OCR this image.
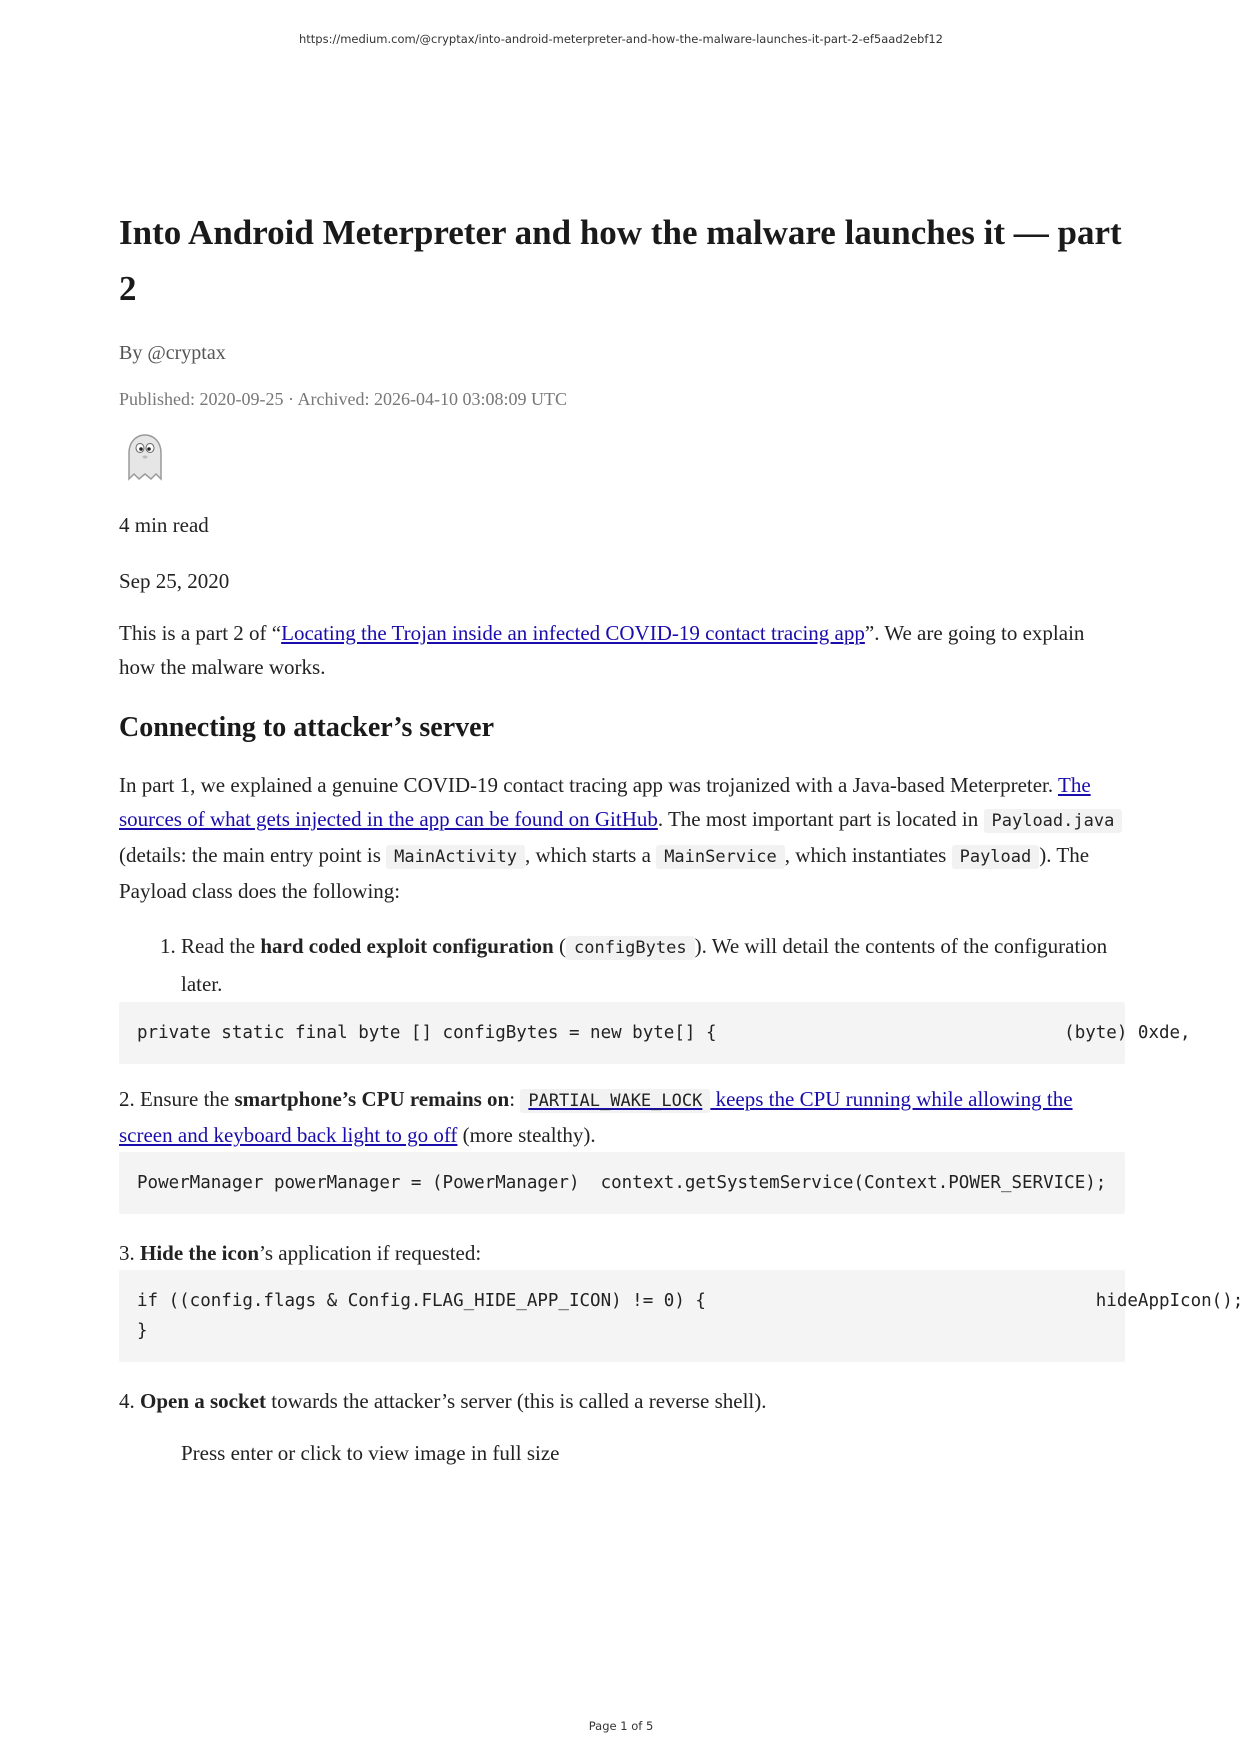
https://medium.com/@cryptax/into-android-meterpreter-and-how-the-malware-launches-it-part-2-ef5aad2ebf12
Into Android Meterpreter and how the malware launches it — part 2
By @cryptax
Published: 2020-09-25 · Archived: 2026-04-10 03:08:09 UTC

4 min read

Sep 25, 2020

This is a part 2 of “Locating the Trojan inside an infected COVID-19 contact tracing app”. We are going to explain how the malware works.

Connecting to attacker’s server

In part 1, we explained a genuine COVID-19 contact tracing app was trojanized with a Java-based Meterpreter. The sources of what gets injected in the app can be found on GitHub. The most important part is located in Payload.java (details: the main entry point is MainActivity , which starts a MainService , which instantiates Payload ). The Payload class does the following:

1. Read the hard coded exploit configuration ( configBytes ). We will detail the contents of the configuration later.
private static final byte [] configBytes = new byte[] {                                 (byte) 0xde,

2. Ensure the smartphone’s CPU remains on: PARTIAL_WAKE_LOCK keeps the CPU running while allowing the screen and keyboard back light to go off (more stealthy).

PowerManager powerManager = (PowerManager)  context.getSystemService(Context.POWER_SERVICE);

3. Hide the icon’s application if requested:

if ((config.flags & Config.FLAG_HIDE_APP_ICON) != 0) {                                     hideAppIcon();
}

4. Open a socket towards the attacker’s server (this is called a reverse shell).

Press enter or click to view image in full size

Page 1 of 5
